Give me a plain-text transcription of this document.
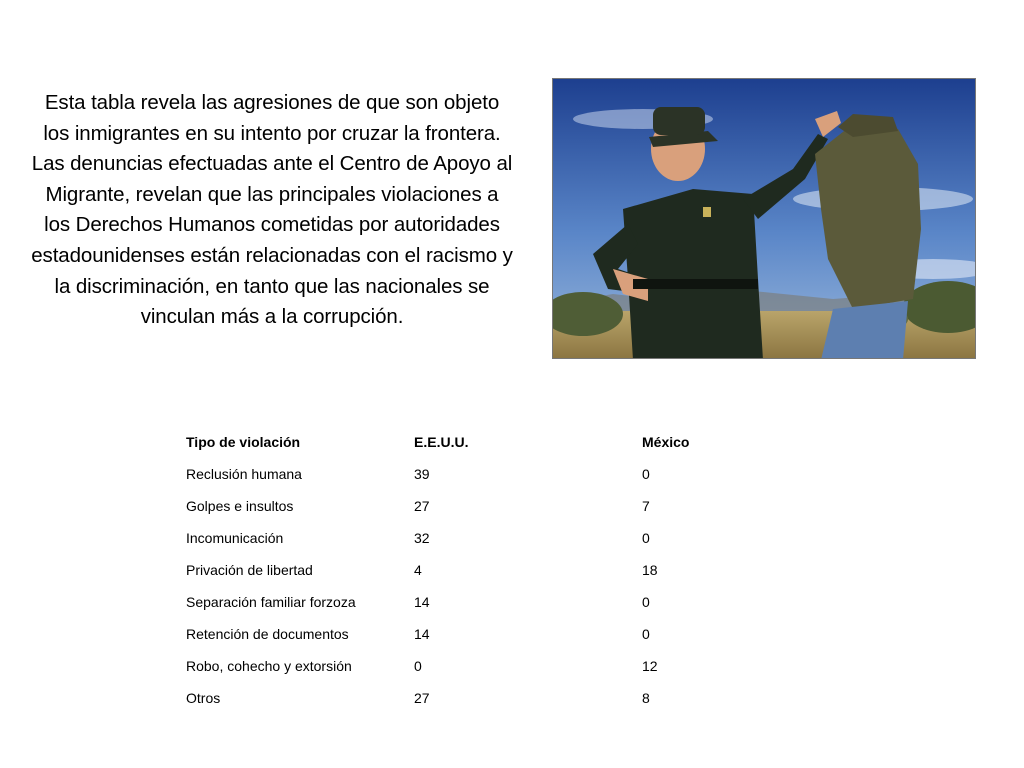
Esta tabla revela las agresiones de que son objeto los inmigrantes en su intento por cruzar la frontera. Las denuncias efectuadas ante el Centro de Apoyo al Migrante, revelan que las principales violaciones a los Derechos Humanos cometidas por autoridades estadounidenses están relacionadas con el racismo y la discriminación, en tanto que las nacionales se vinculan más a la corrupción.

Tipo de violación	E.E.U.U.	México
Reclusión humana	39	0
Golpes e insultos	27	7
Incomunicación	32	0
Privación de libertad	4	18
Separación familiar forzoza	14	0
Retención de documentos	14	0
Robo, cohecho y extorsión	0	12
Otros	27	8
